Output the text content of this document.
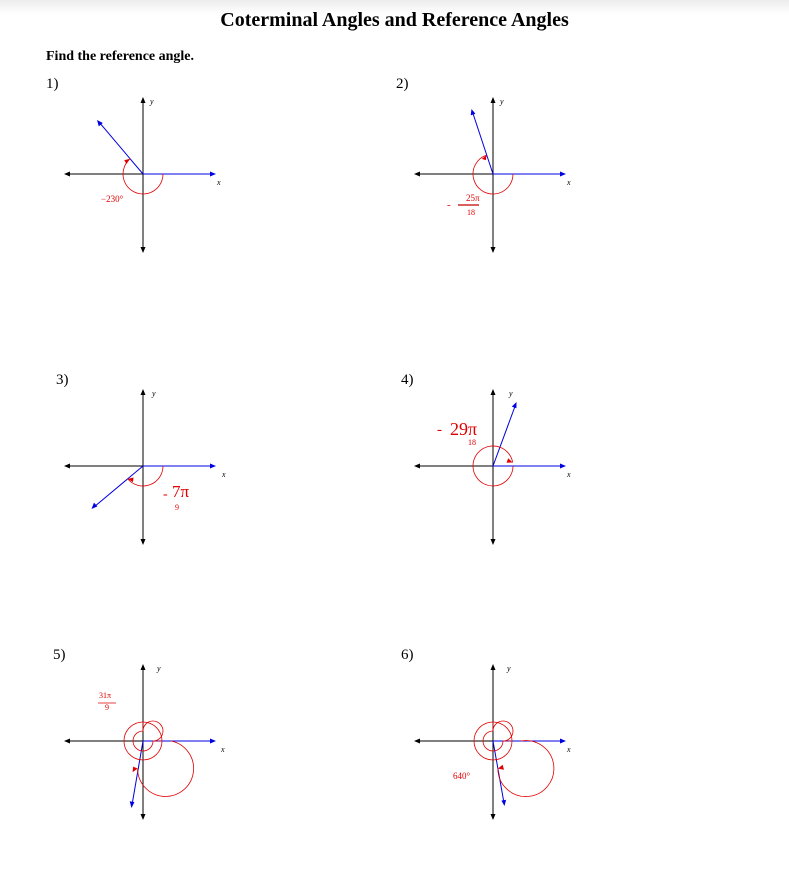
Coterminal Angles and Reference Angles
Find the reference angle.
1)
−230°
y
x
-
25π
18
y
x
- 7π
9
y
x
- 29π
18
y
x
31π
9
y
x
640°
y
x
2)
3)	4)
5)	6)
